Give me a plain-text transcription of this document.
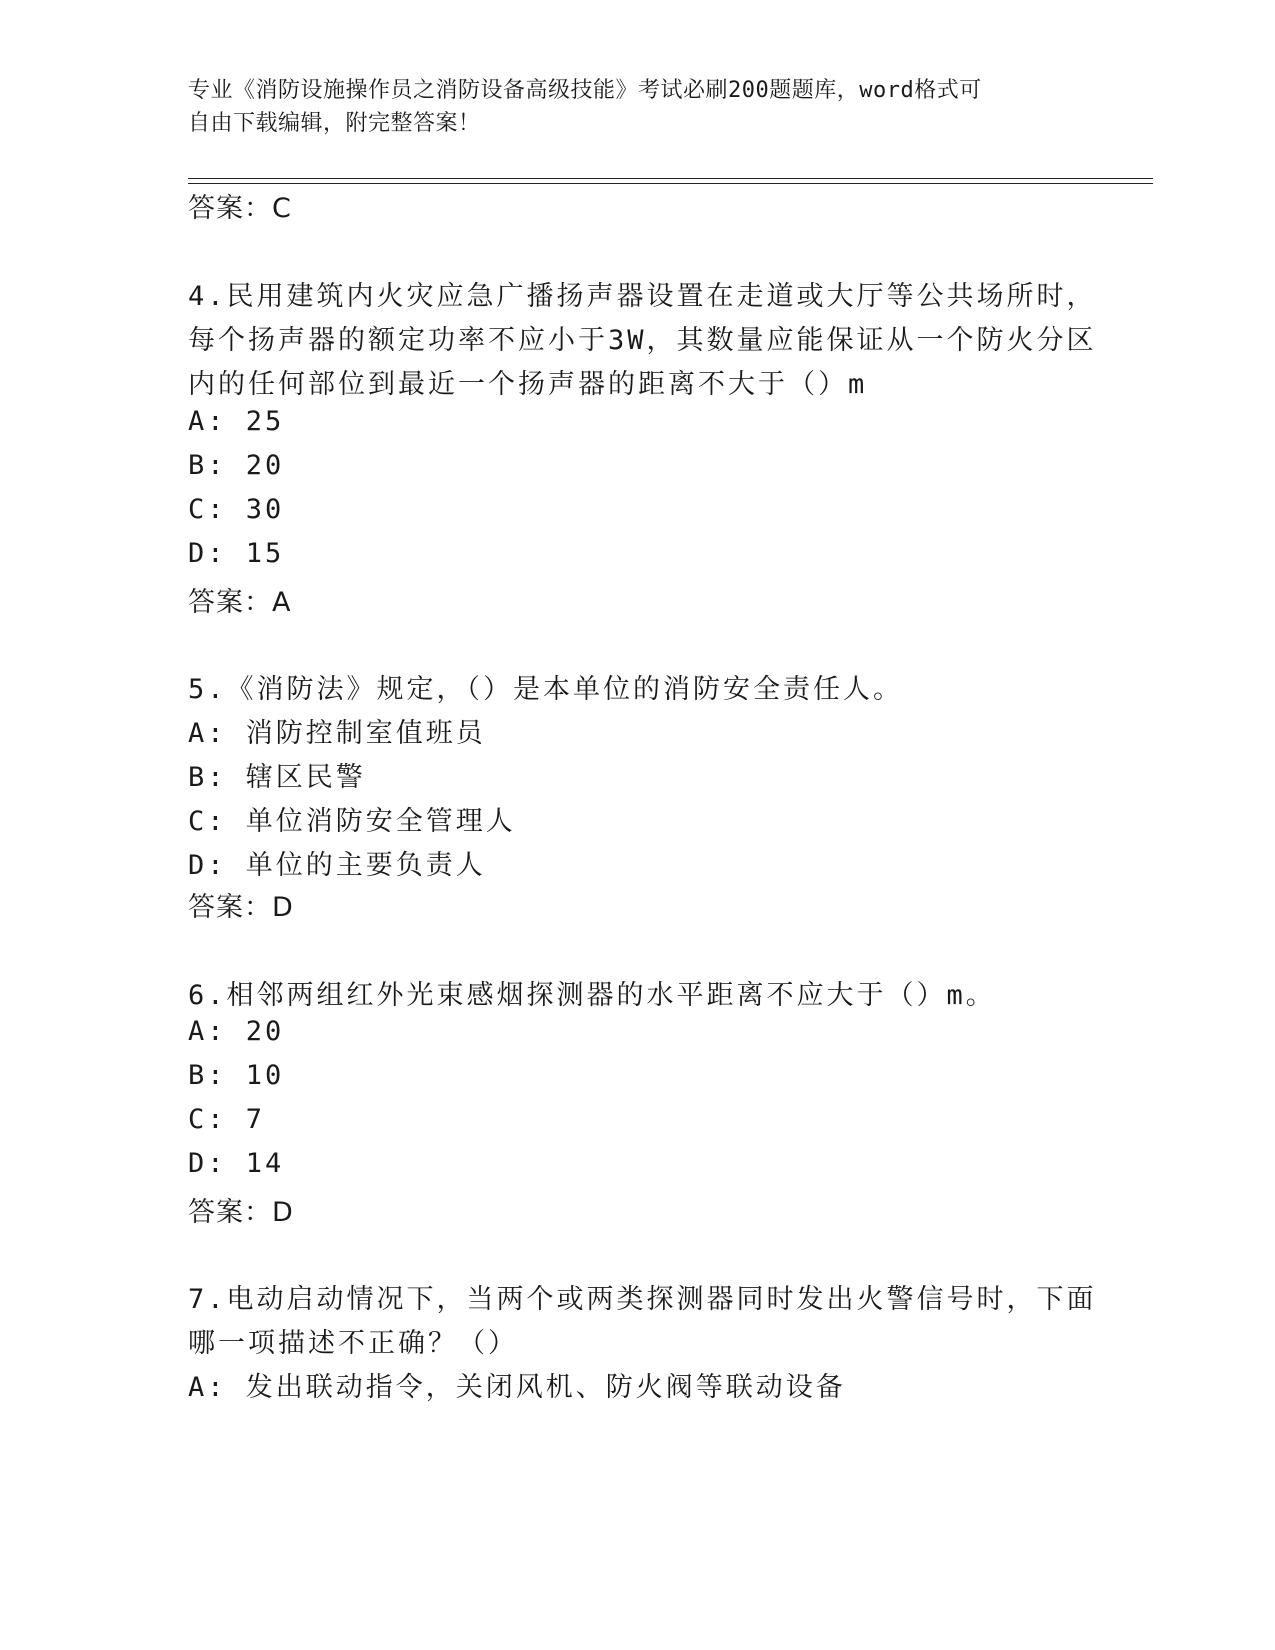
专业《消防设施操作员之消防设备高级技能》考试必刷200题题库，word格式可
自由下载编辑，附完整答案！
答案：C
4.民用建筑内火灾应急广播扬声器设置在走道或大厅等公共场所时，
每个扬声器的额定功率不应小于3W，其数量应能保证从一个防火分区
内的任何部位到最近一个扬声器的距离不大于（）m
A: 25
B: 20
C: 30
D: 15
答案：A
5.《消防法》规定，（）是本单位的消防安全责任人。
A: 消防控制室值班员
B: 辖区民警
C: 单位消防安全管理人
D: 单位的主要负责人
答案：D
6.相邻两组红外光束感烟探测器的水平距离不应大于（）m。
A: 20
B: 10
C: 7
D: 14
答案：D
7.电动启动情况下，当两个或两类探测器同时发出火警信号时，下面
哪一项描述不正确？（）
A: 发出联动指令，关闭风机、防火阀等联动设备
